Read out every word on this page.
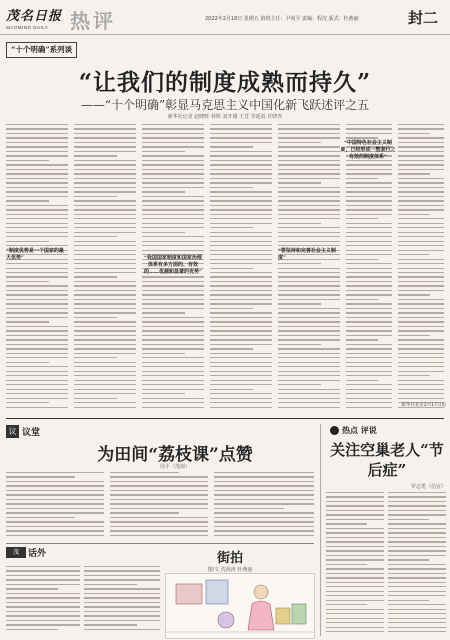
茂名日报
MAOMING DAILY	热评	2022年2月18日 星期五 值班主任：尹尚平 责编：程沈 版式：杜燕丽	封二
“十个明确”系列谈
“让我们的制度成熟而持久”
——“十个明确”彰显马克思主义中国化新飞跃述评之五
新华社记者 赵晓辉 林晖 刘开雄 王晋 李延霞 许晓青
“制度优势是一个国家的最大优势”
“要坚持和完善社会主义制度”
“我国国家制度和国家治理体系有多方面的、有效的……优越和显著的优势”
“中国特色社会主义制度，已经形成一整套行之有效的制度体系”
新华社北京2月17日电
议 议堂
为田间“荔枝课”点赞
周平（茂南）
热点 评说
关注空巢老人“节后症”
罗志勇（信宜）
茂	话外	街拍
图/文 沈海涛 杜燕丽
